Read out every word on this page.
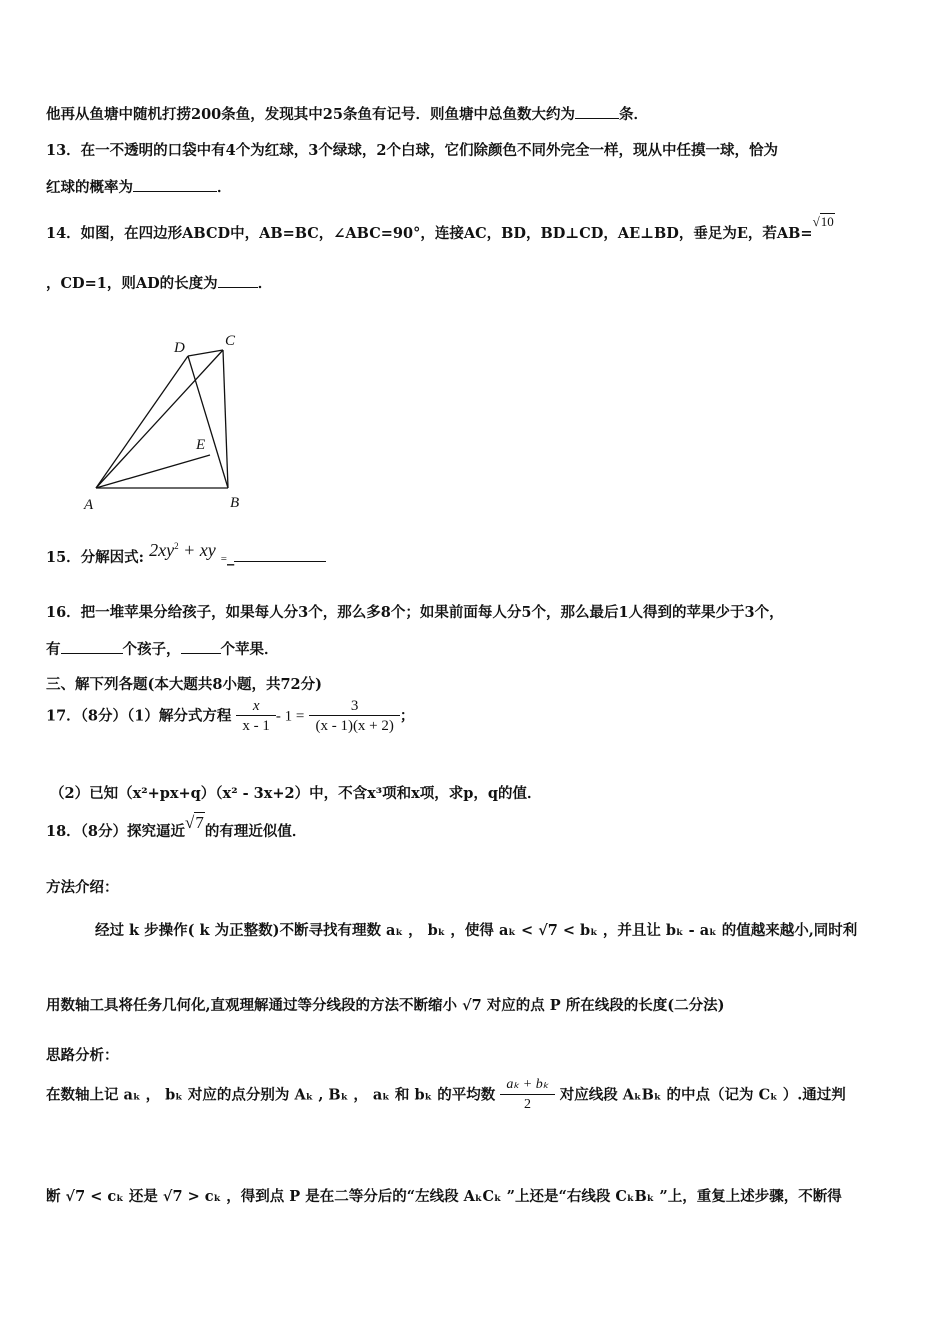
他再从鱼塘中随机打捞200条鱼，发现其中25条鱼有记号．则鱼塘中总鱼数大约为	条．
13．在一不透明的口袋中有4个为红球，3个绿球，2个白球，它们除颜色不同外完全一样，现从中任摸一球，恰为
红球的概率为	．
14．如图，在四边形ABCD中，AB=BC，∠ABC=90°，连接AC，BD，BD⊥CD，AE⊥BD，垂足为E，若AB=√10
，CD=1，则AD的长度为	．
A	B
C
D
E
15．分解因式: $2xy^2$ + xy =_
16．把一堆苹果分给孩子，如果每人分3个，那么多8个；如果前面每人分5个，那么最后1人得到的苹果少于3个，
有	个孩子，	个苹果．
三、解下列各题(本大题共8小题，共72分)
17．（8分）（1）解分式方程 $\frac{x}{x - 1} - 1 = \frac{3}{(x - 1)(x + 2)}$ ；
（2）已知（x²+px+q）（x² - 3x+2）中，不含x³项和x项，求p，q的值．
18．（8分）探究逼近√7的有理近似值．
方法介绍：
经过 k 步操作( k 为正整数)不断寻找有理数 aₖ ， bₖ ，使得 aₖ < √7 < bₖ ，并且让 bₖ - aₖ 的值越来越小,同时利
用数轴工具将任务几何化,直观理解通过等分线段的方法不断缩小 √7 对应的点 P 所在线段的长度(二分法)
思路分析：
在数轴上记 aₖ ， bₖ 对应的点分别为 Aₖ , Bₖ ， aₖ 和 bₖ 的平均数 $\frac{\text{aₖ + bₖ}}{2}$ 对应线段 AₖBₖ 的中点（记为 Cₖ ）.通过判
断 √7 < cₖ 还是 √7 > cₖ ，得到点 P 是在二等分后的“左线段 AₖCₖ ”上还是“右线段 CₖBₖ ”上，重复上述步骤，不断得
